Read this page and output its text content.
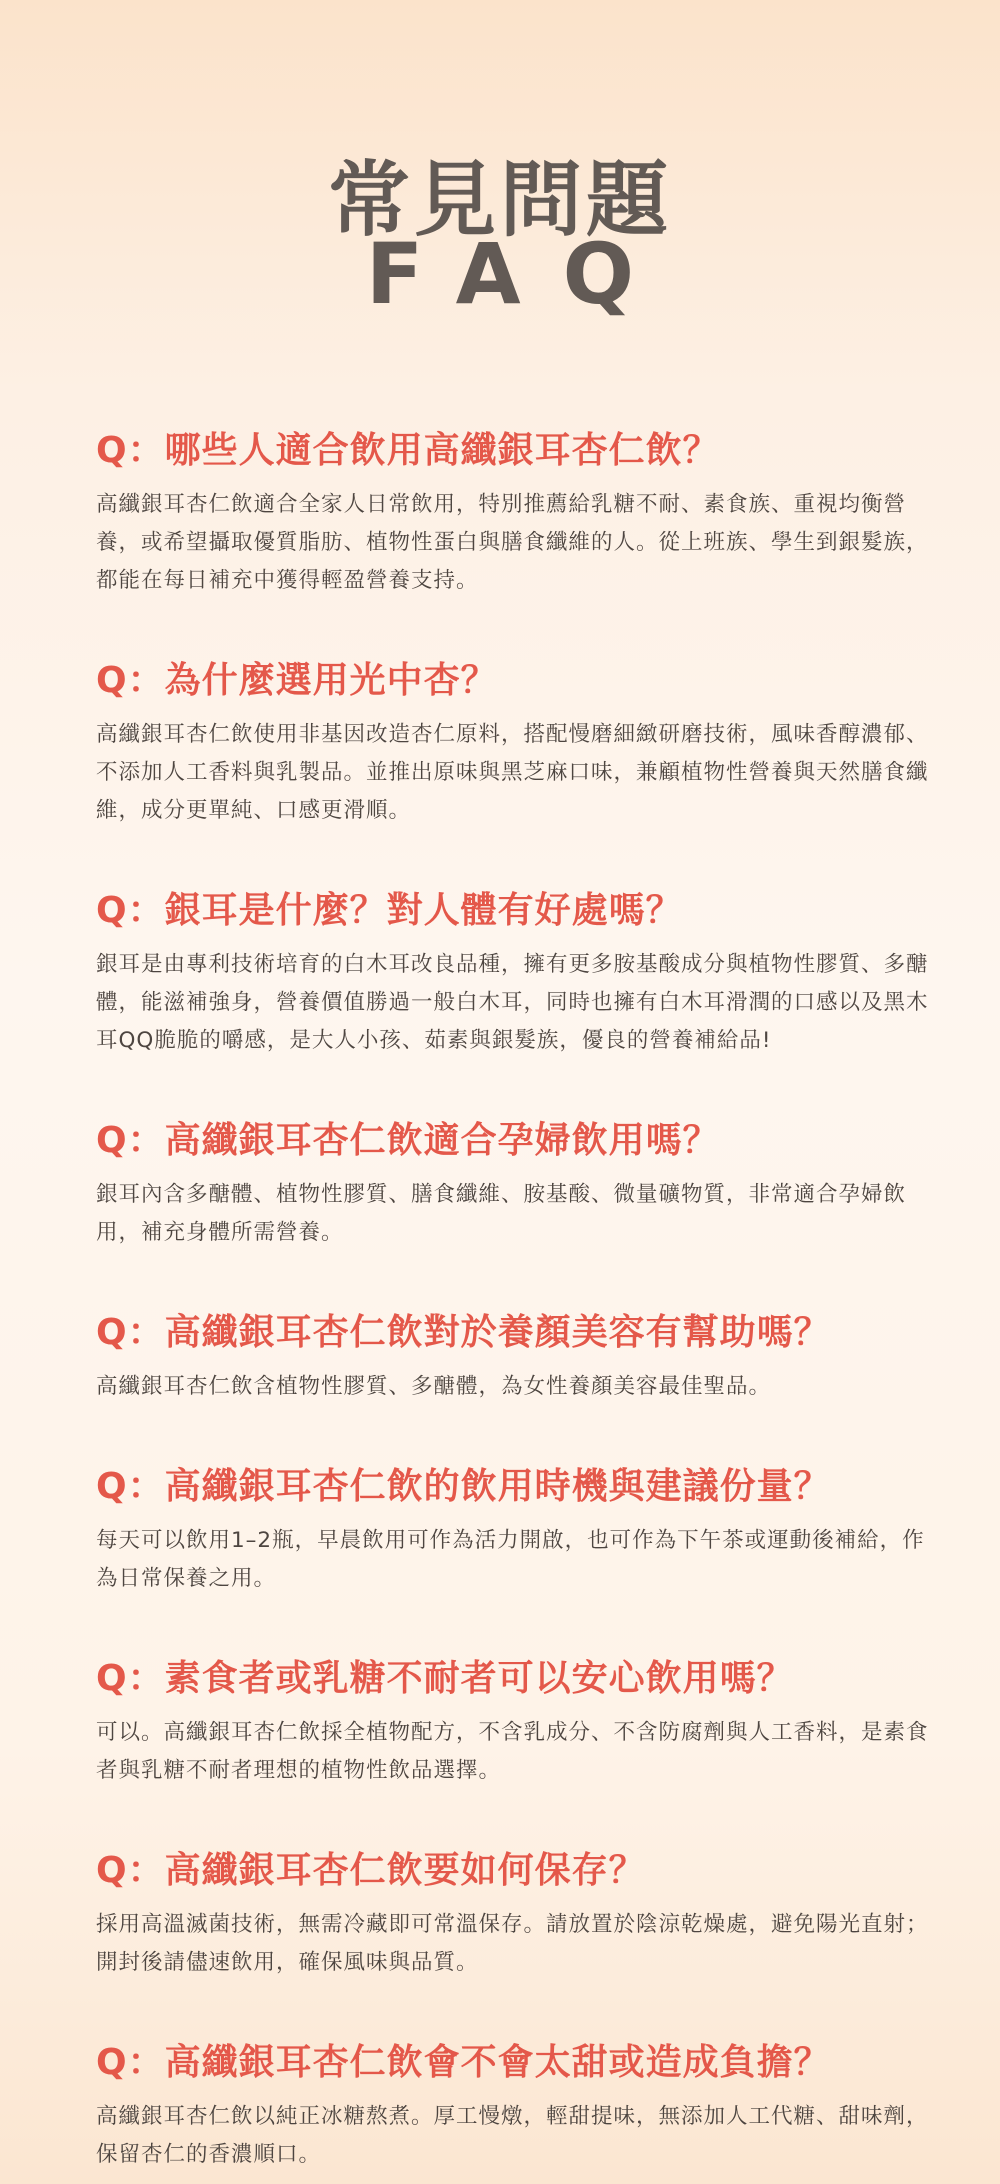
常見問題
FAQ
Q：哪些人適合飲用高纖銀耳杏仁飲？

高纖銀耳杏仁飲適合全家人日常飲用，特別推薦給乳糖不耐、素食族、重視均衡營養，或希望攝取優質脂肪、植物性蛋白與膳食纖維的人。從上班族、學生到銀髮族，都能在每日補充中獲得輕盈營養支持。

Q：為什麼選用光中杏？

高纖銀耳杏仁飲使用非基因改造杏仁原料，搭配慢磨細緻研磨技術，風味香醇濃郁、不添加人工香料與乳製品。並推出原味與黑芝麻口味，兼顧植物性營養與天然膳食纖維，成分更單純、口感更滑順。

Q：銀耳是什麼？對人體有好處嗎？

銀耳是由專利技術培育的白木耳改良品種，擁有更多胺基酸成分與植物性膠質、多醣體，能滋補強身，營養價值勝過一般白木耳，同時也擁有白木耳滑潤的口感以及黑木耳QQ脆脆的嚼感，是大人小孩、茹素與銀髮族，優良的營養補給品!

Q：高纖銀耳杏仁飲適合孕婦飲用嗎？

銀耳內含多醣體、植物性膠質、膳食纖維、胺基酸、微量礦物質，非常適合孕婦飲用，補充身體所需營養。

Q：高纖銀耳杏仁飲對於養顏美容有幫助嗎？

高纖銀耳杏仁飲含植物性膠質、多醣體，為女性養顏美容最佳聖品。

Q：高纖銀耳杏仁飲的飲用時機與建議份量？

每天可以飲用1–2瓶，早晨飲用可作為活力開啟，也可作為下午茶或運動後補給，作為日常保養之用。

Q：素食者或乳糖不耐者可以安心飲用嗎？

可以。高纖銀耳杏仁飲採全植物配方，不含乳成分、不含防腐劑與人工香料，是素食者與乳糖不耐者理想的植物性飲品選擇。

Q：高纖銀耳杏仁飲要如何保存？

採用高溫滅菌技術，無需冷藏即可常溫保存。請放置於陰涼乾燥處，避免陽光直射；開封後請儘速飲用，確保風味與品質。

Q：高纖銀耳杏仁飲會不會太甜或造成負擔？

高纖銀耳杏仁飲以純正冰糖熬煮。厚工慢燉，輕甜提味，無添加人工代糖、甜味劑，保留杏仁的香濃順口。
